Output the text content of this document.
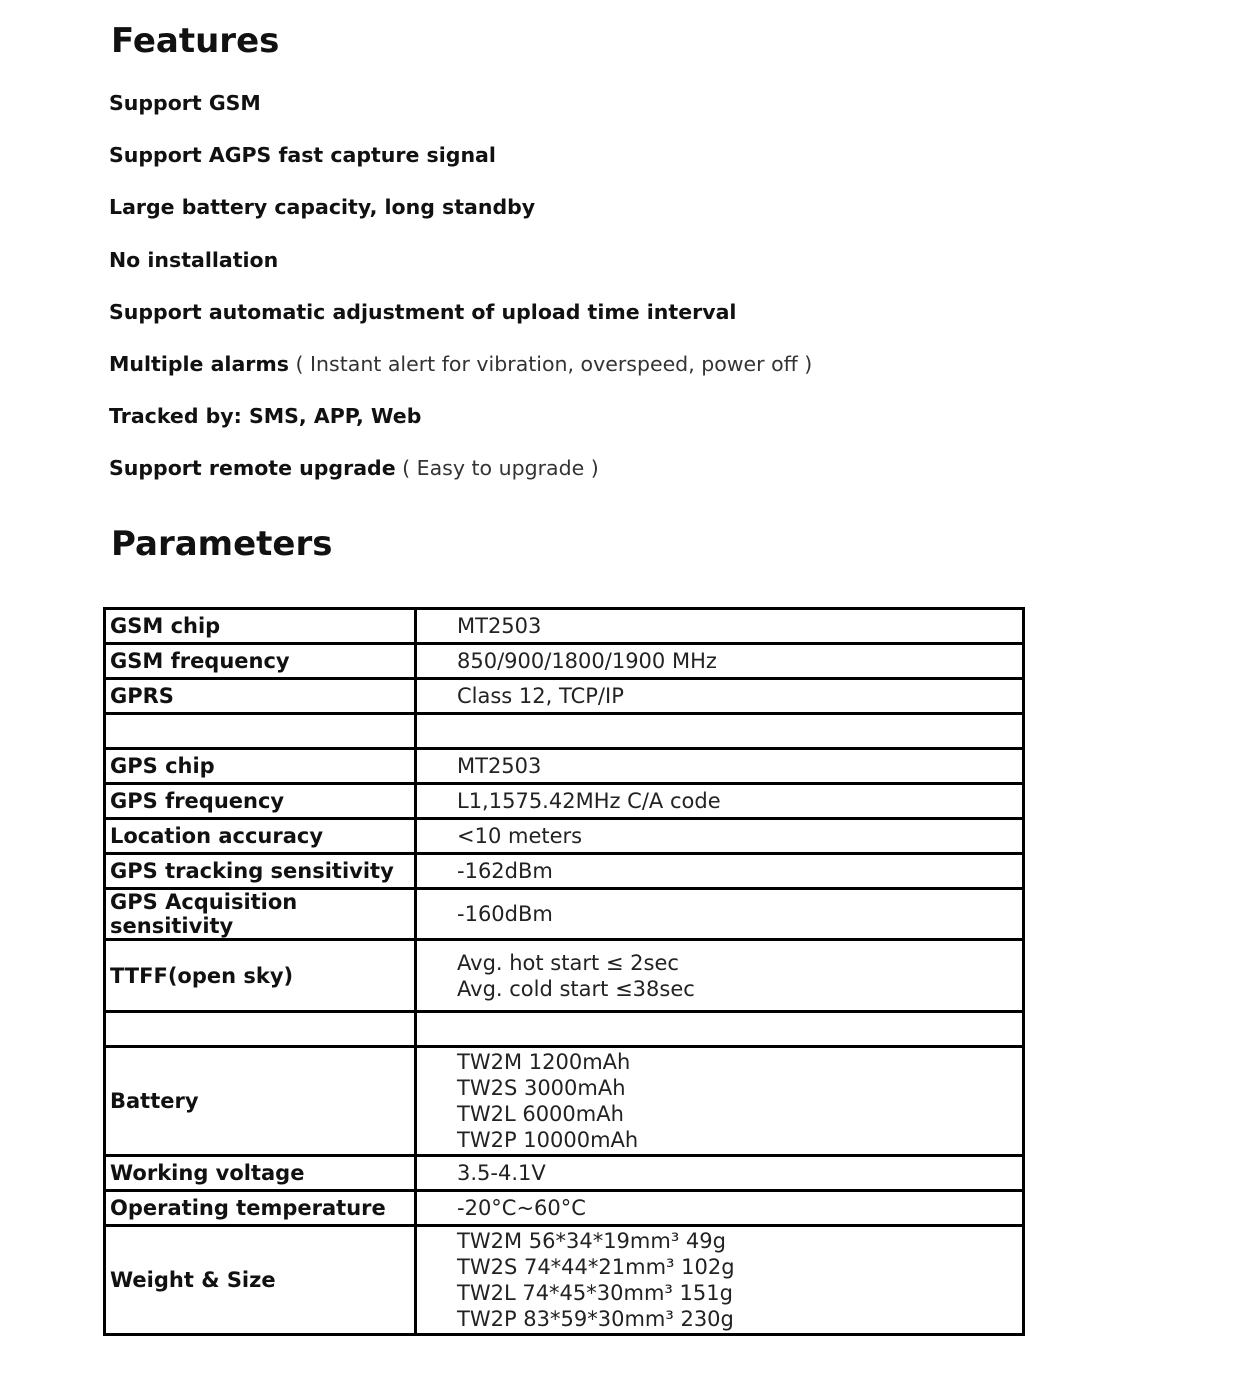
Features
Support GSM
Support AGPS fast capture signal
Large battery capacity, long standby
No installation
Support automatic adjustment of upload time interval
Multiple alarms ( Instant alert for vibration, overspeed, power off )
Tracked by: SMS, APP, Web
Support remote upgrade ( Easy to upgrade )
Parameters
GSM chip	MT2503
GSM frequency	850/900/1800/1900 MHz
GPRS	Class 12, TCP/IP

GPS chip	MT2503
GPS frequency	L1,1575.42MHz C/A code
Location accuracy	<10 meters
GPS tracking sensitivity	-162dBm
GPS Acquisition sensitivity	-160dBm
TTFF(open sky)	Avg. hot start ≤ 2sec
Avg. cold start ≤38sec

Battery	TW2M 1200mAh
TW2S 3000mAh
TW2L 6000mAh
TW2P 10000mAh

Working voltage	3.5-4.1V
Operating temperature	-20°C~60°C
Weight & Size	TW2M 56*34*19mm³ 49g
TW2S 74*44*21mm³ 102g
TW2L 74*45*30mm³ 151g
TW2P 83*59*30mm³ 230g
